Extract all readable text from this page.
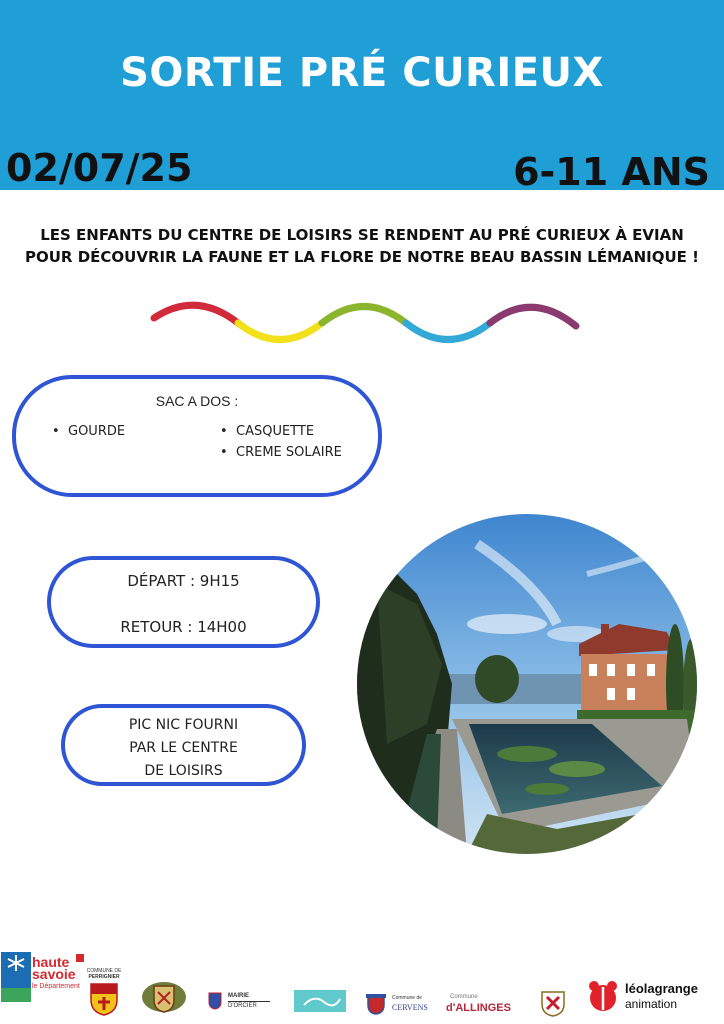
SORTIE PRÉ CURIEUX
02/07/25	6-11 ANS
LES ENFANTS DU CENTRE DE LOISIRS SE RENDENT AU PRÉ CURIEUX À EVIAN
POUR DÉCOUVRIR LA FAUNE ET LA FLORE DE NOTRE BEAU BASSIN LÉMANIQUE !
SAC A DOS :
• GOURDE
•	CASQUETTE
• CREME SOLAIRE
DÉPART : 9H15
RETOUR : 14H00
PIC NIC FOURNI
PAR LE CENTRE
DE LOISIRS
haute
savoie
le Département
COMMUNE DE
PERRIGNIER
MAIRIE
D'ORCIER
Commune de
CERVENS
Commune
d'ALLINGES
léolagrange
animation
